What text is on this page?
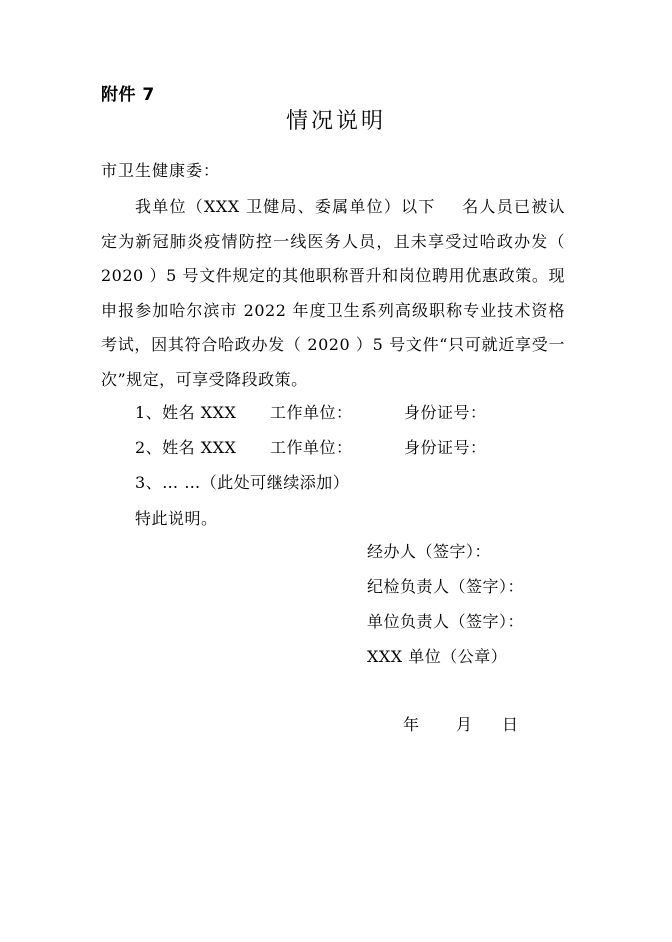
附件 7
情况说明
市卫生健康委：

我单位（XXX 卫健局、委属单位）以下 名人员已被认定为新冠肺炎疫情防控一线医务人员，且未享受过哈政办发（ 2020 ）5 号文件规定的其他职称晋升和岗位聘用优惠政策。现申报参加哈尔滨市 2022 年度卫生系列高级职称专业技术资格考试，因其符合哈政办发（ 2020 ）5 号文件“只可就近享受一次”规定，可享受降段政策。

1、姓名 XXX 工作单位：	身份证号：
2、姓名 XXX 工作单位：	身份证号：
3、… …（此处可继续添加）
特此说明。
经办人（签字）：
纪检负责人（签字）：
单位负责人（签字）：
XXX 单位（公章）
年 月 日
